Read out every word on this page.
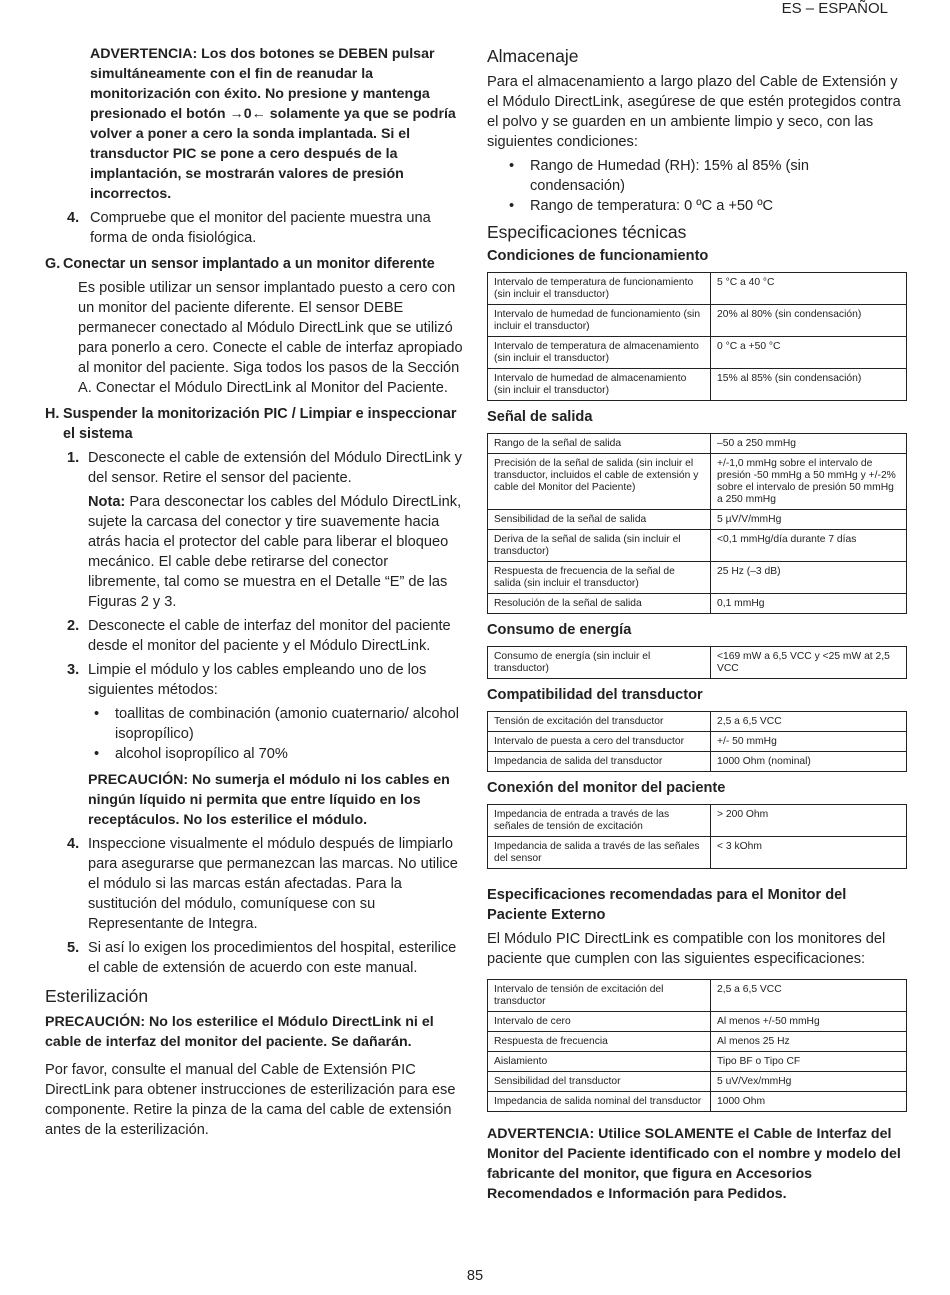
ES – ESPAÑOL

ADVERTENCIA: Los dos botones se DEBEN pulsar simultáneamente con el fin de reanudar la monitorización con éxito. No presione y mantenga presionado el botón →0← solamente ya que se podría volver a poner a cero la sonda implantada. Si el transductor PIC se pone a cero después de la implantación, se mostrarán valores de presión incorrectos.

4. Compruebe que el monitor del paciente muestra una forma de onda fisiológica.
G. Conectar un sensor implantado a un monitor diferente

Es posible utilizar un sensor implantado puesto a cero con un monitor del paciente diferente. El sensor DEBE permanecer conectado al Módulo DirectLink que se utilizó para ponerlo a cero. Conecte el cable de interfaz apropiado al monitor del paciente. Siga todos los pasos de la Sección A. Conectar el Módulo DirectLink al Monitor del Paciente.

H. Suspender la monitorización PIC / Limpiar e inspeccionar el sistema
1. Desconecte el cable de extensión del Módulo DirectLink y del sensor. Retire el sensor del paciente.

Nota: Para desconectar los cables del Módulo DirectLink, sujete la carcasa del conector y tire suavemente hacia atrás hacia el protector del cable para liberar el bloqueo mecánico. El cable debe retirarse del conector libremente, tal como se muestra en el Detalle “E” de las Figuras 2 y 3.

2. Desconecte el cable de interfaz del monitor del paciente desde el monitor del paciente y el Módulo DirectLink.
3. Limpie el módulo y los cables empleando uno de los siguientes métodos:
• toallitas de combinación (amonio cuaternario/ alcohol isopropílico)
• alcohol isopropílico al 70%

PRECAUCIÓN: No sumerja el módulo ni los cables en ningún líquido ni permita que entre líquido en los receptáculos. No los esterilice el módulo.

4. Inspeccione visualmente el módulo después de limpiarlo para asegurarse que permanezcan las marcas. No utilice el módulo si las marcas están afectadas. Para la sustitución del módulo, comuníquese con su Representante de Integra.
5. Si así lo exigen los procedimientos del hospital, esterilice el cable de extensión de acuerdo con este manual.
Esterilización

PRECAUCIÓN: No los esterilice el Módulo DirectLink ni el cable de interfaz del monitor del paciente. Se dañarán.

Por favor, consulte el manual del Cable de Extensión PIC DirectLink para obtener instrucciones de esterilización para ese componente. Retire la pinza de la cama del cable de extensión antes de la esterilización.

Almacenaje

Para el almacenamiento a largo plazo del Cable de Extensión y el Módulo DirectLink, asegúrese de que estén protegidos contra el polvo y se guarden en un ambiente limpio y seco, con las siguientes condiciones:

• Rango de Humedad (RH): 15% al 85% (sin condensación)
• Rango de temperatura: 0 ºC a +50 ºC
Especificaciones técnicas
Condiciones de funcionamiento
Intervalo de temperatura de funcionamiento (sin incluir el transductor)	5 °C a 40 °C
Intervalo de humedad de funcionamiento (sin incluir el transductor)	20% al 80% (sin condensación)
Intervalo de temperatura de almacenamiento (sin incluir el transductor)	0 °C a +50 °C
Intervalo de humedad de almacenamiento (sin incluir el transductor)	15% al 85% (sin condensación)
Señal de salida
Rango de la señal de salida	–50 a 250 mmHg
Precisión de la señal de salida (sin incluir el transductor, incluidos el cable de extensión y cable del Monitor del Paciente)	+/-1,0 mmHg sobre el intervalo de presión -50 mmHg a 50 mmHg y +/-2% sobre el intervalo de presión 50 mmHg a 250 mmHg
Sensibilidad de la señal de salida	5 µV/V/mmHg
Deriva de la señal de salida (sin incluir el transductor)	<0,1 mmHg/día durante 7 días
Respuesta de frecuencia de la señal de salida (sin incluir el transductor)	25 Hz (–3 dB)
Resolución de la señal de salida	0,1 mmHg
Consumo de energía
Consumo de energía (sin incluir el transductor)	<169 mW a 6,5 VCC y <25 mW at 2,5 VCC
Compatibilidad del transductor
Tensión de excitación del transductor	2,5 a 6,5 VCC
Intervalo de puesta a cero del transductor	+/- 50 mmHg
Impedancia de salida del transductor	1000 Ohm (nominal)
Conexión del monitor del paciente
Impedancia de entrada a través de las señales de tensión de excitación	> 200 Ohm
Impedancia de salida a través de las señales del sensor	< 3 kOhm
Especificaciones recomendadas para el Monitor del Paciente Externo

El Módulo PIC DirectLink es compatible con los monitores del paciente que cumplen con las siguientes especificaciones:

Intervalo de tensión de excitación del transductor	2,5 a 6,5 VCC
Intervalo de cero	Al menos +/-50 mmHg
Respuesta de frecuencia	Al menos 25 Hz
Aislamiento	Tipo BF o Tipo CF
Sensibilidad del transductor	5 uV/Vex/mmHg
Impedancia de salida nominal del transductor	1000 Ohm

ADVERTENCIA: Utilice SOLAMENTE el Cable de Interfaz del Monitor del Paciente identificado con el nombre y modelo del fabricante del monitor, que figura en Accesorios Recomendados e Información para Pedidos.

85
